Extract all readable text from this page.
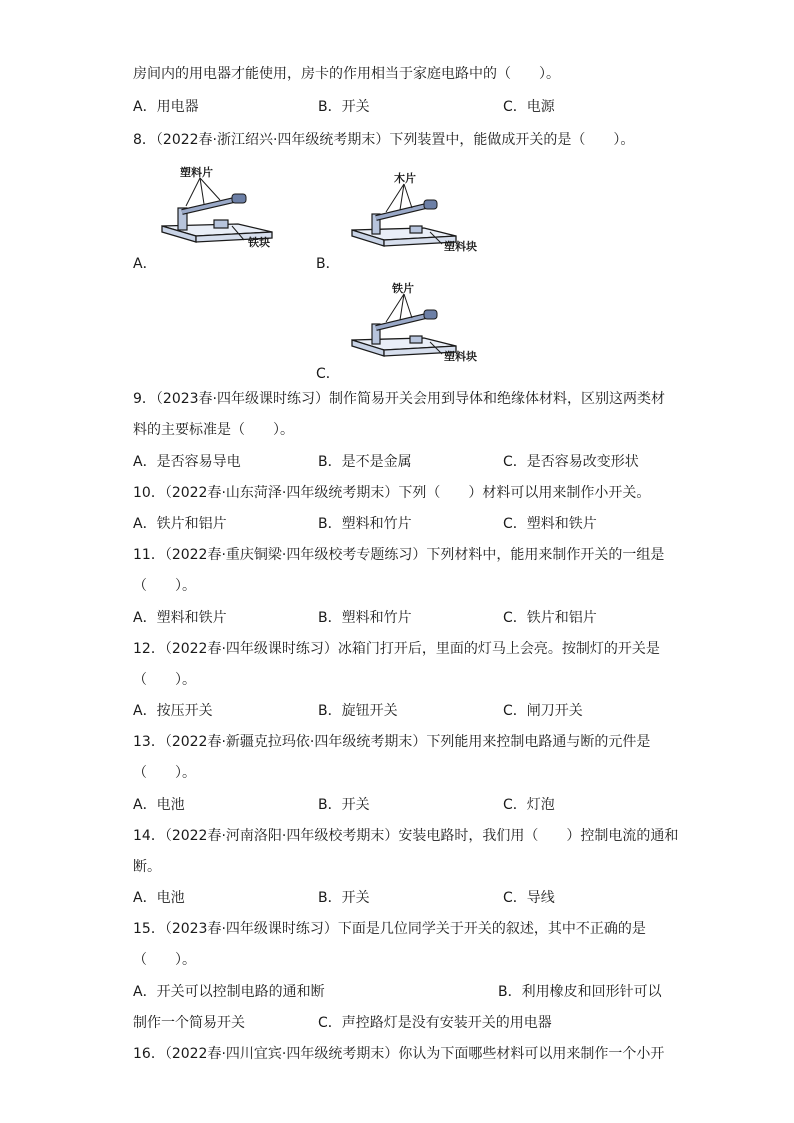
房间内的用电器才能使用，房卡的作用相当于家庭电路中的（　　）。
A．用电器	B．开关	C．电源
8．（2022春·浙江绍兴·四年级统考期末）下列装置中，能做成开关的是（　　）。
A．
塑料片
铁块
B．
木片
塑料块
C．
铁片
塑料块
9．（2023春·四年级课时练习）制作简易开关会用到导体和绝缘体材料，区别这两类材
料的主要标准是（　　）。
A．是否容易导电	B．是不是金属	C．是否容易改变形状
10．（2022春·山东菏泽·四年级统考期末）下列（　　）材料可以用来制作小开关。
A．铁片和铝片	B．塑料和竹片	C．塑料和铁片
11．（2022春·重庆铜梁·四年级校考专题练习）下列材料中，能用来制作开关的一组是
（　　）。
A．塑料和铁片	B．塑料和竹片	C．铁片和铝片
12．（2022春·四年级课时练习）冰箱门打开后，里面的灯马上会亮。按制灯的开关是
（　　）。
A．按压开关	B．旋钮开关	C．闸刀开关
13．（2022春·新疆克拉玛依·四年级统考期末）下列能用来控制电路通与断的元件是
（　　）。
A．电池	B．开关	C．灯泡
14．（2022春·河南洛阳·四年级校考期末）安装电路时，我们用（　　）控制电流的通和
断。
A．电池	B．开关	C．导线
15．（2023春·四年级课时练习）下面是几位同学关于开关的叙述，其中不正确的是
（　　）。
A．开关可以控制电路的通和断	B．利用橡皮和回形针可以
制作一个简易开关	C．声控路灯是没有安装开关的用电器
16．（2022春·四川宜宾·四年级统考期末）你认为下面哪些材料可以用来制作一个小开
